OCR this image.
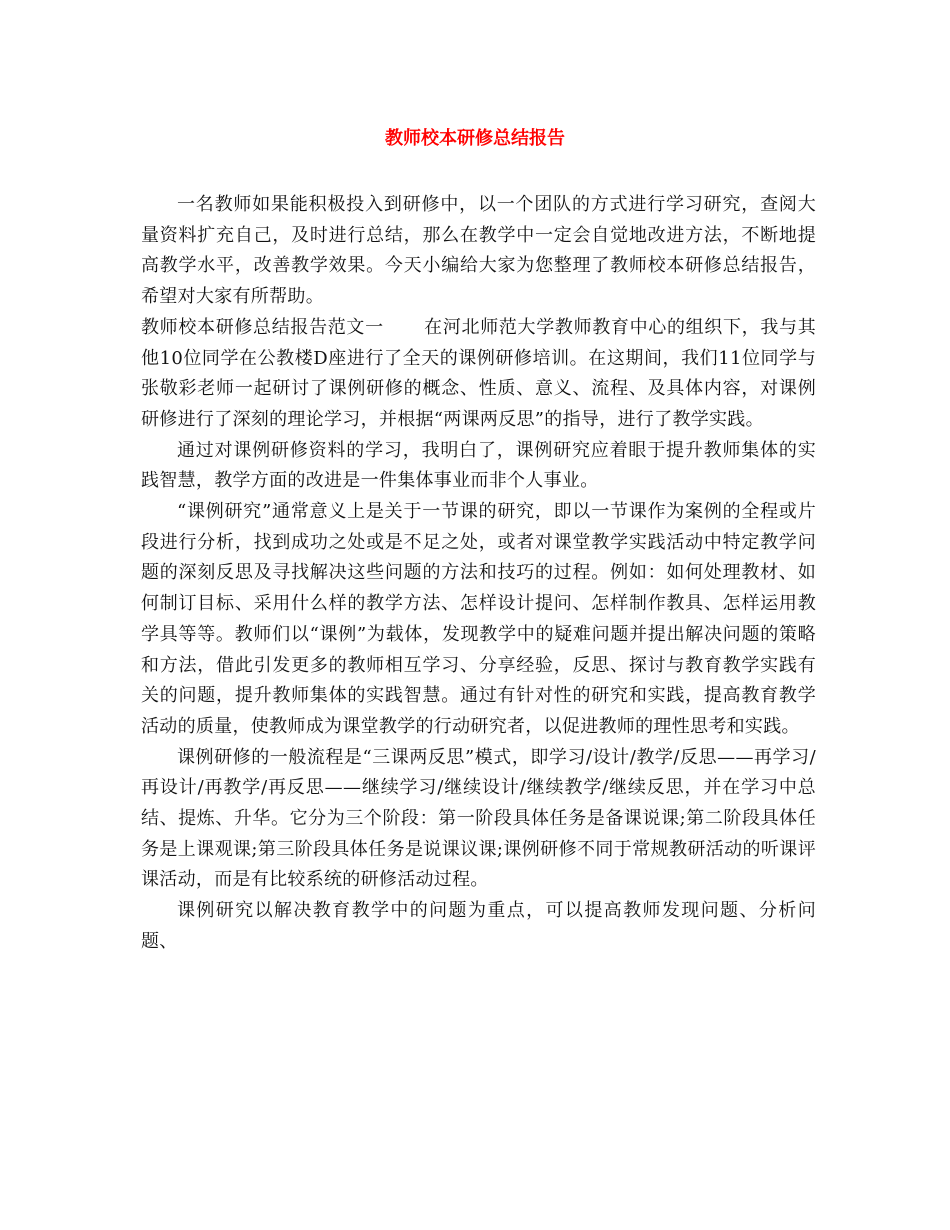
教师校本研修总结报告

一名教师如果能积极投入到研修中，以一个团队的方式进行学习研究，查阅大量资料扩充自己，及时进行总结，那么在教学中一定会自觉地改进方法，不断地提高教学水平，改善教学效果。今天小编给大家为您整理了教师校本研修总结报告，希望对大家有所帮助。

教师校本研修总结报告范文一 在河北师范大学教师教育中心的组织下，我与其他10位同学在公教楼D座进行了全天的课例研修培训。在这期间，我们11位同学与张敬彩老师一起研讨了课例研修的概念、性质、意义、流程、及具体内容，对课例研修进行了深刻的理论学习，并根据“两课两反思”的指导，进行了教学实践。

通过对课例研修资料的学习，我明白了，课例研究应着眼于提升教师集体的实践智慧，教学方面的改进是一件集体事业而非个人事业。

“课例研究”通常意义上是关于一节课的研究，即以一节课作为案例的全程或片段进行分析，找到成功之处或是不足之处，或者对课堂教学实践活动中特定教学问题的深刻反思及寻找解决这些问题的方法和技巧的过程。例如：如何处理教材、如何制订目标、采用什么样的教学方法、怎样设计提问、怎样制作教具、怎样运用教学具等等。教师们以“课例”为载体，发现教学中的疑难问题并提出解决问题的策略和方法，借此引发更多的教师相互学习、分享经验，反思、探讨与教育教学实践有关的问题，提升教师集体的实践智慧。通过有针对性的研究和实践，提高教育教学活动的质量，使教师成为课堂教学的行动研究者，以促进教师的理性思考和实践。

课例研修的一般流程是“三课两反思”模式，即学习/设计/教学/反思——再学习/再设计/再教学/再反思——继续学习/继续设计/继续教学/继续反思，并在学习中总结、提炼、升华。它分为三个阶段：第一阶段具体任务是备课说课;第二阶段具体任务是上课观课;第三阶段具体任务是说课议课;课例研修不同于常规教研活动的听课评课活动，而是有比较系统的研修活动过程。

课例研究以解决教育教学中的问题为重点，可以提高教师发现问题、分析问题、
